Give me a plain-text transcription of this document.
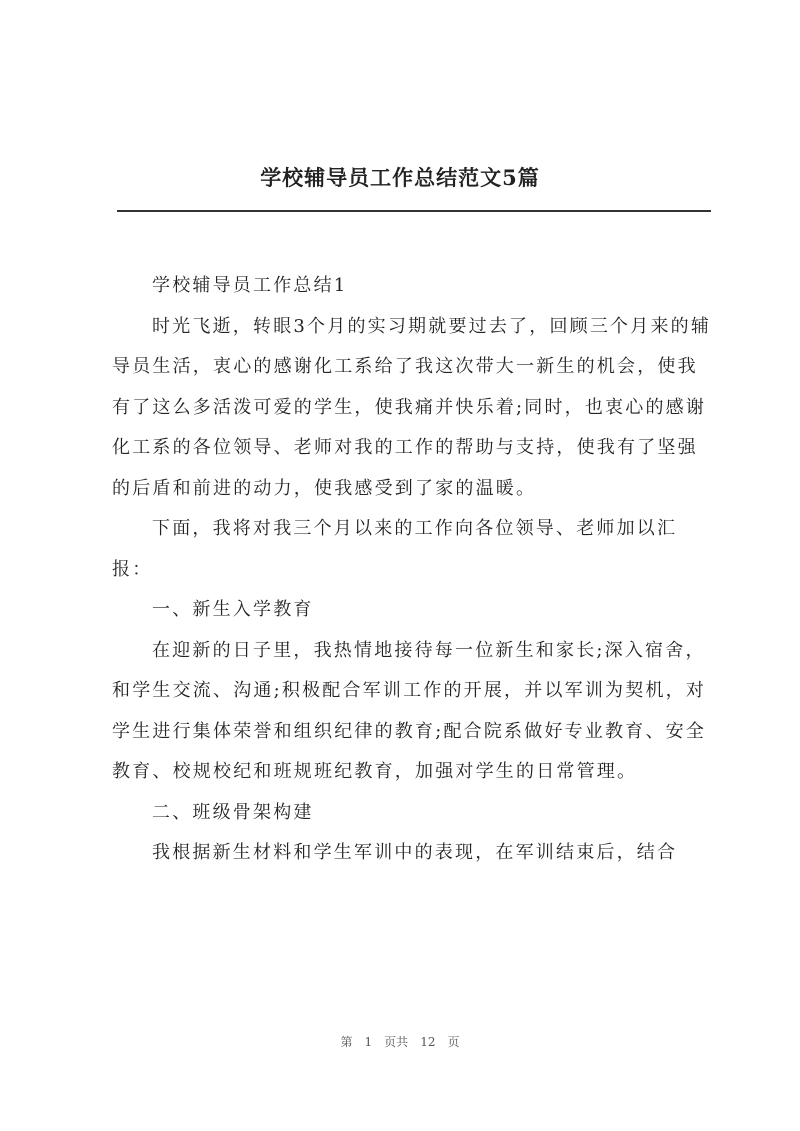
学校辅导员工作总结范文5篇

学校辅导员工作总结1

时光飞逝，转眼3个月的实习期就要过去了，回顾三个月来的辅导员生活，衷心的感谢化工系给了我这次带大一新生的机会，使我有了这么多活泼可爱的学生，使我痛并快乐着;同时，也衷心的感谢化工系的各位领导、老师对我的工作的帮助与支持，使我有了坚强的后盾和前进的动力，使我感受到了家的温暖。

下面，我将对我三个月以来的工作向各位领导、老师加以汇报：

一、新生入学教育

在迎新的日子里，我热情地接待每一位新生和家长;深入宿舍，和学生交流、沟通;积极配合军训工作的开展，并以军训为契机，对学生进行集体荣誉和组织纪律的教育;配合院系做好专业教育、安全教育、校规校纪和班规班纪教育，加强对学生的日常管理。

二、班级骨架构建

我根据新生材料和学生军训中的表现，在军训结束后，结合

第 1 页共 12 页
